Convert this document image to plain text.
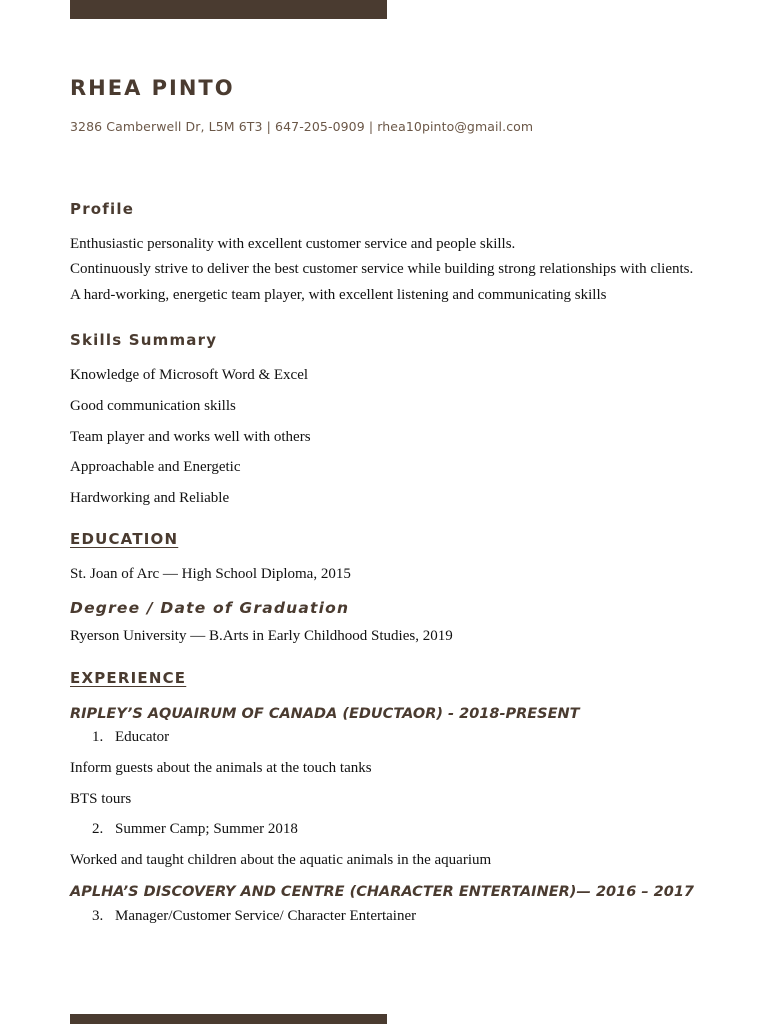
RHEA PINTO
3286 Camberwell Dr, L5M 6T3 | 647-205-0909 | rhea10pinto@gmail.com
Profile
Enthusiastic personality with excellent customer service and people skills.
Continuously strive to deliver the best customer service while building strong relationships with clients.
A hard-working, energetic team player, with excellent listening and communicating skills
Skills Summary
Knowledge of Microsoft Word & Excel
Good communication skills
Team player and works well with others
Approachable and Energetic
Hardworking and Reliable
EDUCATION
St. Joan of Arc — High School Diploma, 2015
Degree / Date of Graduation
Ryerson University — B.Arts in Early Childhood Studies, 2019
EXPERIENCE
RIPLEY’S AQUAIRUM OF CANADA (EDUCTAOR) - 2018-PRESENT
1. Educator
Inform guests about the animals at the touch tanks
BTS tours
2. Summer Camp; Summer 2018
Worked and taught children about the aquatic animals in the aquarium
APLHA’S DISCOVERY AND CENTRE (CHARACTER ENTERTAINER)— 2016 – 2017
3. Manager/Customer Service/ Character Entertainer
